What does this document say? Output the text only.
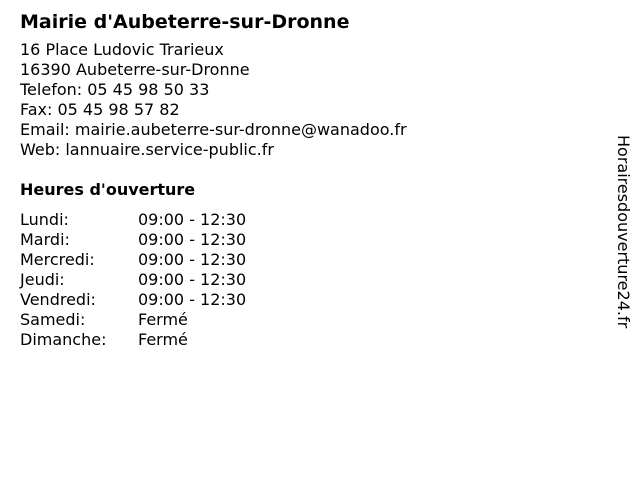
Mairie d'Aubeterre-sur-Dronne
16 Place Ludovic Trarieux
16390 Aubeterre-sur-Dronne
Telefon: 05 45 98 50 33
Fax: 05 45 98 57 82
Email: mairie.aubeterre-sur-dronne@wanadoo.fr
Web: lannuaire.service-public.fr
Heures d'ouverture
Lundi:	09:00 - 12:30
Mardi:	09:00 - 12:30
Mercredi:	09:00 - 12:30
Jeudi:	09:00 - 12:30
Vendredi:	09:00 - 12:30
Samedi:	Fermé
Dimanche:	Fermé
Horairesdouverture24.fr
